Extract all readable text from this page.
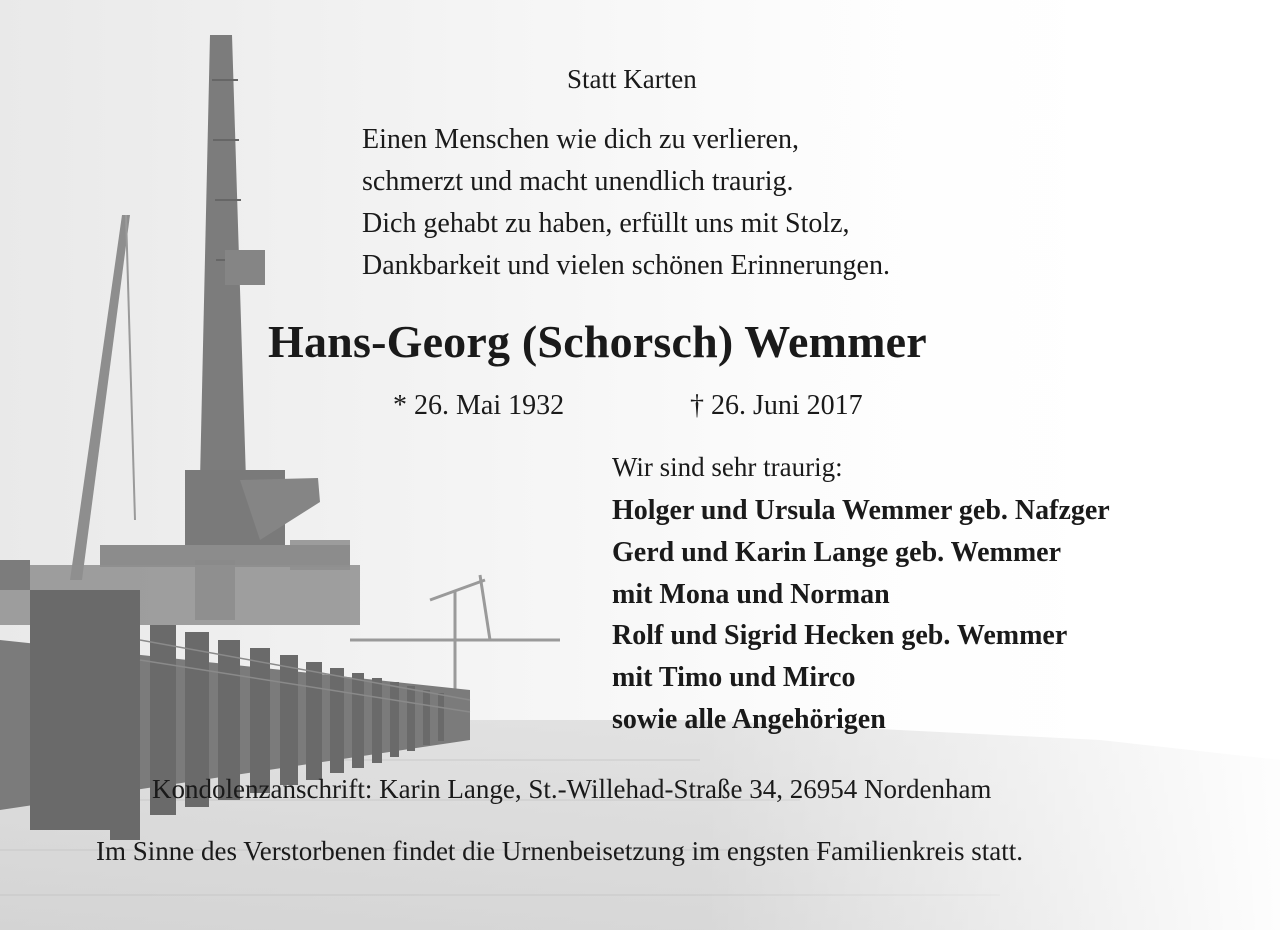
Statt Karten

Einen Menschen wie dich zu verlieren,
schmerzt und macht unendlich traurig.
Dich gehabt zu haben, erfüllt uns mit Stolz,
Dankbarkeit und vielen schönen Erinnerungen.

Hans-Georg (Schorsch) Wemmer

* 26. Mai 1932	† 26. Juni 2017

Wir sind sehr traurig:

Holger und Ursula Wemmer geb. Nafzger
Gerd und Karin Lange geb. Wemmer
mit Mona und Norman
Rolf und Sigrid Hecken geb. Wemmer
mit Timo und Mirco
sowie alle Angehörigen

Kondolenzanschrift: Karin Lange, St.-Willehad-Straße 34, 26954 Nordenham

Im Sinne des Verstorbenen findet die Urnenbeisetzung im engsten Familienkreis statt.
